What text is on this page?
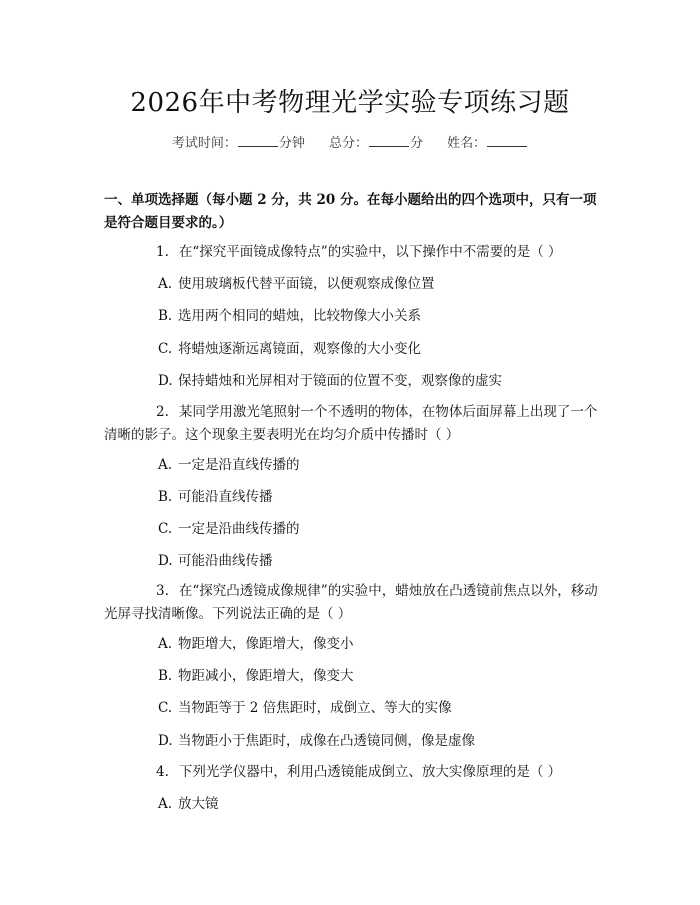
2026年中考物理光学实验专项练习题
考试时间：	分钟 总分：	分 姓名：
一、单项选择题（每小题 2 分，共 20 分。在每小题给出的四个选项中，只有一项是符合题目要求的。）
1. 在“探究平面镜成像特点”的实验中，以下操作中不需要的是（ ）
A. 使用玻璃板代替平面镜，以便观察成像位置
B. 选用两个相同的蜡烛，比较物像大小关系
C. 将蜡烛逐渐远离镜面，观察像的大小变化
D. 保持蜡烛和光屏相对于镜面的位置不变，观察像的虚实
2. 某同学用激光笔照射一个不透明的物体，在物体后面屏幕上出现了一个清晰的影子。这个现象主要表明光在均匀介质中传播时（ ）
A. 一定是沿直线传播的
B. 可能沿直线传播
C. 一定是沿曲线传播的
D. 可能沿曲线传播
3. 在“探究凸透镜成像规律”的实验中，蜡烛放在凸透镜前焦点以外，移动光屏寻找清晰像。下列说法正确的是（ ）
A. 物距增大，像距增大，像变小
B. 物距减小，像距增大，像变大
C. 当物距等于 2 倍焦距时，成倒立、等大的实像
D. 当物距小于焦距时，成像在凸透镜同侧，像是虚像
4. 下列光学仪器中，利用凸透镜能成倒立、放大实像原理的是（ ）
A. 放大镜
